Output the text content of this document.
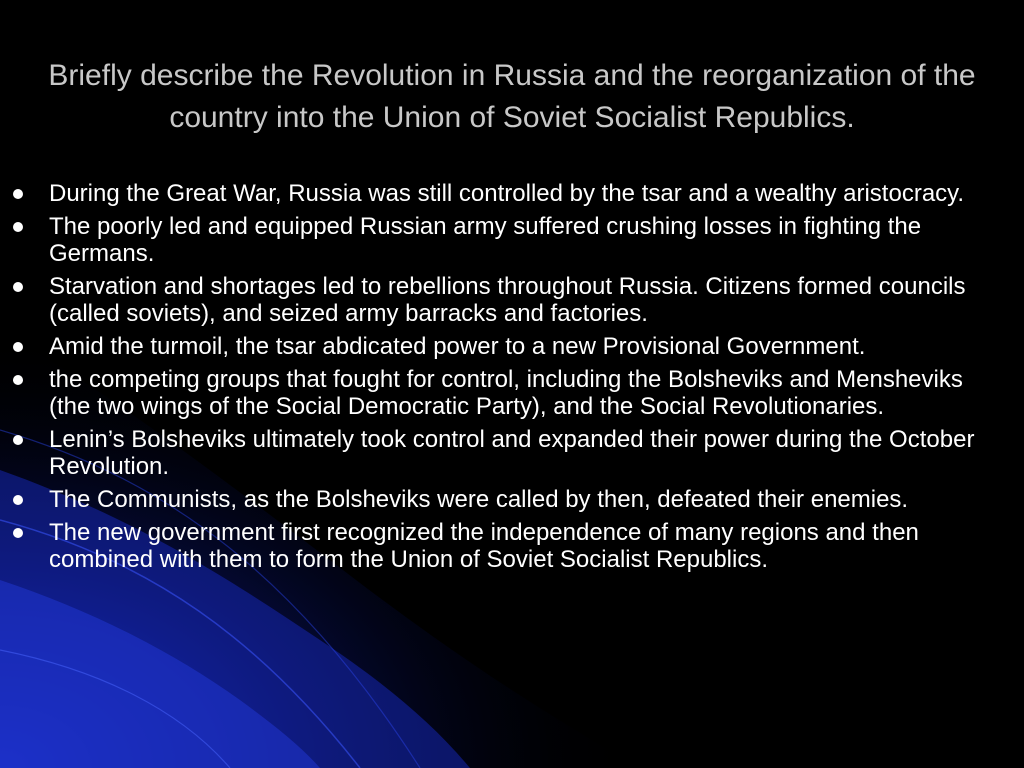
Briefly describe the Revolution in Russia and the reorganization of the country into the Union of Soviet Socialist Republics.
During the Great War, Russia was still controlled by the tsar and a wealthy aristocracy.
The poorly led and equipped Russian army suffered crushing losses in fighting the Germans.
Starvation and shortages led to rebellions throughout Russia. Citizens formed councils (called soviets), and seized army barracks and factories.
Amid the turmoil, the tsar abdicated power to a new Provisional Government.
the competing groups that fought for control, including the Bolsheviks and Mensheviks (the two wings of the Social Democratic Party), and the Social Revolutionaries.
Lenin’s Bolsheviks ultimately took control and expanded their power during the October Revolution.
The Communists, as the Bolsheviks were called by then, defeated their enemies.
The new government first recognized the independence of many regions and then combined with them to form the Union of Soviet Socialist Republics.
